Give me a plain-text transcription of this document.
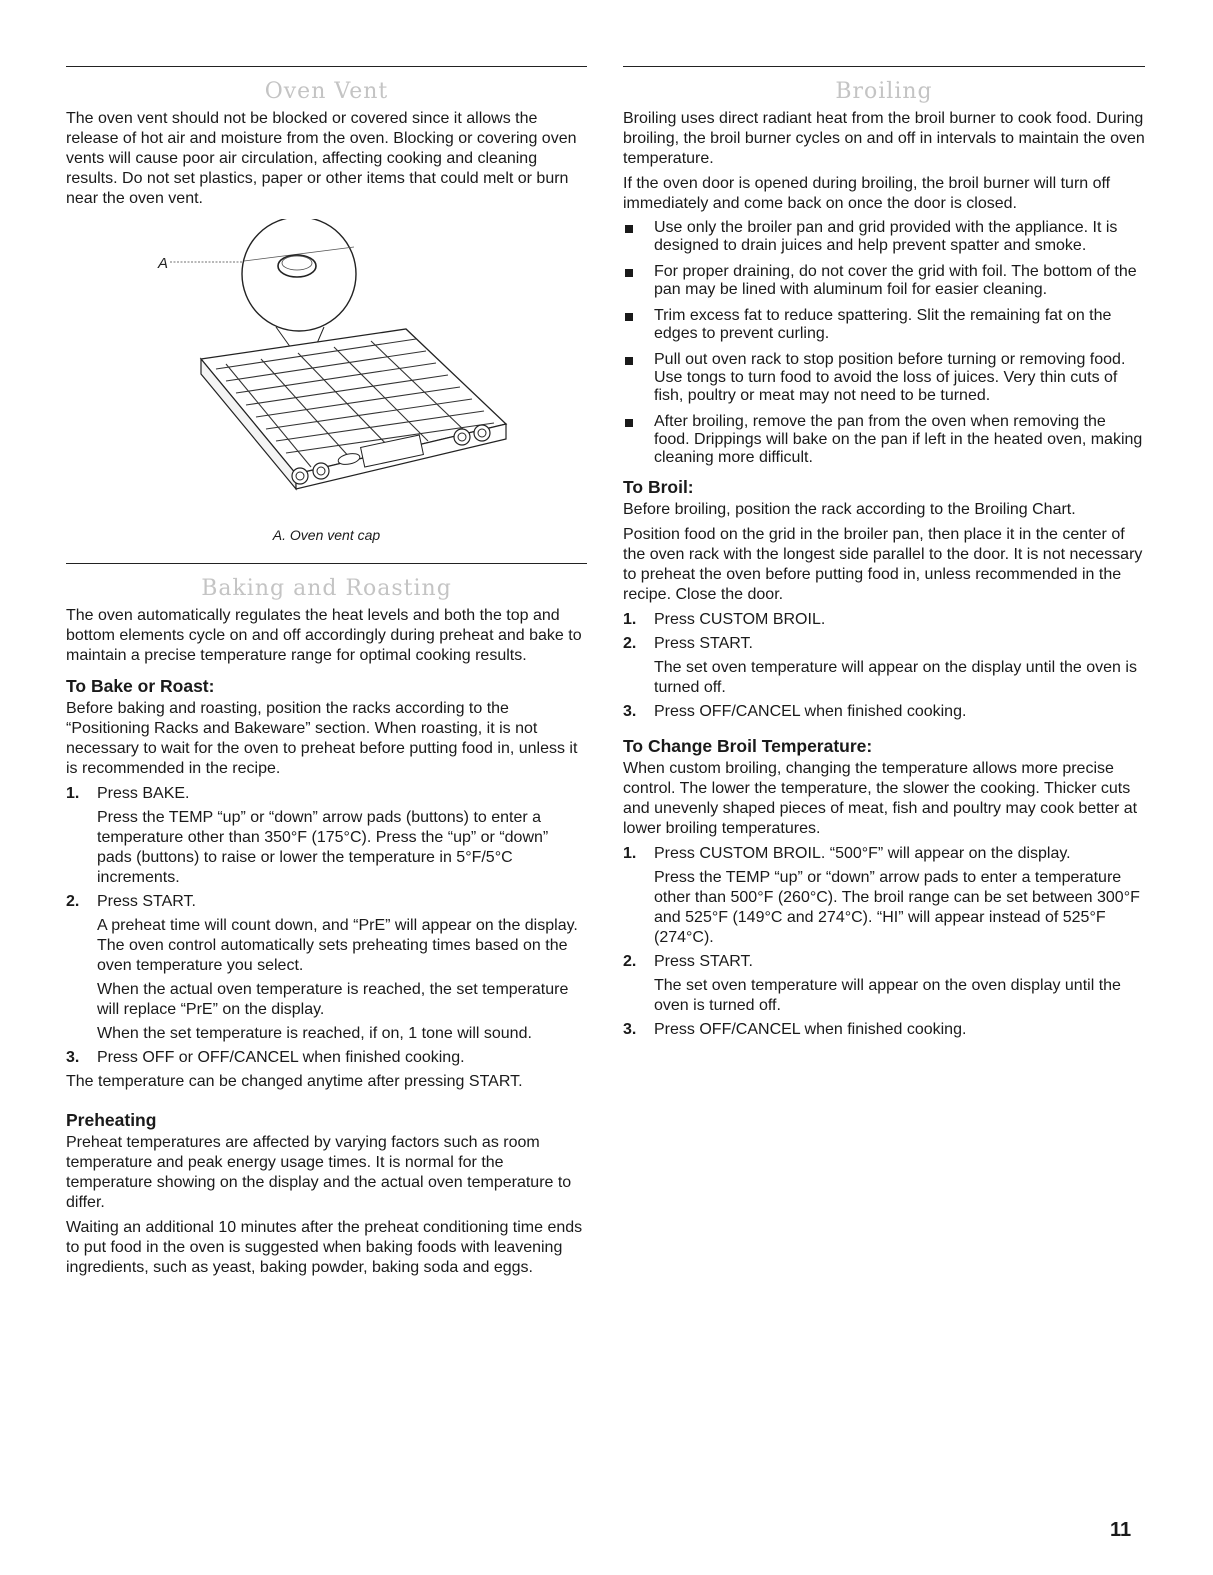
Oven Vent

The oven vent should not be blocked or covered since it allows the release of hot air and moisture from the oven. Blocking or covering oven vents will cause poor air circulation, affecting cooking and cleaning results. Do not set plastics, paper or other items that could melt or burn near the oven vent.

A
A. Oven vent cap
Baking and Roasting

The oven automatically regulates the heat levels and both the top and bottom elements cycle on and off accordingly during preheat and bake to maintain a precise temperature range for optimal cooking results.

To Bake or Roast:

Before baking and roasting, position the racks according to the “Positioning Racks and Bakeware” section. When roasting, it is not necessary to wait for the oven to preheat before putting food in, unless it is recommended in the recipe.

1. Press BAKE.

Press the TEMP “up” or “down” arrow pads (buttons) to enter a temperature other than 350°F (175°C). Press the “up” or “down” pads (buttons) to raise or lower the temperature in 5°F/5°C increments.

2. Press START.

A preheat time will count down, and “PrE” will appear on the display. The oven control automatically sets preheating times based on the oven temperature you select.

When the actual oven temperature is reached, the set temperature will replace “PrE” on the display.

When the set temperature is reached, if on, 1 tone will sound.

3. Press OFF or OFF/CANCEL when finished cooking.

The temperature can be changed anytime after pressing START.

Preheating

Preheat temperatures are affected by varying factors such as room temperature and peak energy usage times. It is normal for the temperature showing on the display and the actual oven temperature to differ.

Waiting an additional 10 minutes after the preheat conditioning time ends to put food in the oven is suggested when baking foods with leavening ingredients, such as yeast, baking powder, baking soda and eggs.

Broiling

Broiling uses direct radiant heat from the broil burner to cook food. During broiling, the broil burner cycles on and off in intervals to maintain the oven temperature.

If the oven door is opened during broiling, the broil burner will turn off immediately and come back on once the door is closed.

Use only the broiler pan and grid provided with the appliance. It is designed to drain juices and help prevent spatter and smoke.
For proper draining, do not cover the grid with foil. The bottom of the pan may be lined with aluminum foil for easier cleaning.
Trim excess fat to reduce spattering. Slit the remaining fat on the edges to prevent curling.
Pull out oven rack to stop position before turning or removing food. Use tongs to turn food to avoid the loss of juices. Very thin cuts of fish, poultry or meat may not need to be turned.
After broiling, remove the pan from the oven when removing the food. Drippings will bake on the pan if left in the heated oven, making cleaning more difficult.
To Broil:

Before broiling, position the rack according to the Broiling Chart.

Position food on the grid in the broiler pan, then place it in the center of the oven rack with the longest side parallel to the door. It is not necessary to preheat the oven before putting food in, unless recommended in the recipe. Close the door.

1. Press CUSTOM BROIL.

2. Press START.

The set oven temperature will appear on the display until the oven is turned off.

3. Press OFF/CANCEL when finished cooking.

To Change Broil Temperature:

When custom broiling, changing the temperature allows more precise control. The lower the temperature, the slower the cooking. Thicker cuts and unevenly shaped pieces of meat, fish and poultry may cook better at lower broiling temperatures.

1. Press CUSTOM BROIL. “500°F” will appear on the display.

Press the TEMP “up” or “down” arrow pads to enter a temperature other than 500°F (260°C). The broil range can be set between 300°F and 525°F (149°C and 274°C). “HI” will appear instead of 525°F (274°C).

2. Press START.

The set oven temperature will appear on the oven display until the oven is turned off.

3. Press OFF/CANCEL when finished cooking.

11
